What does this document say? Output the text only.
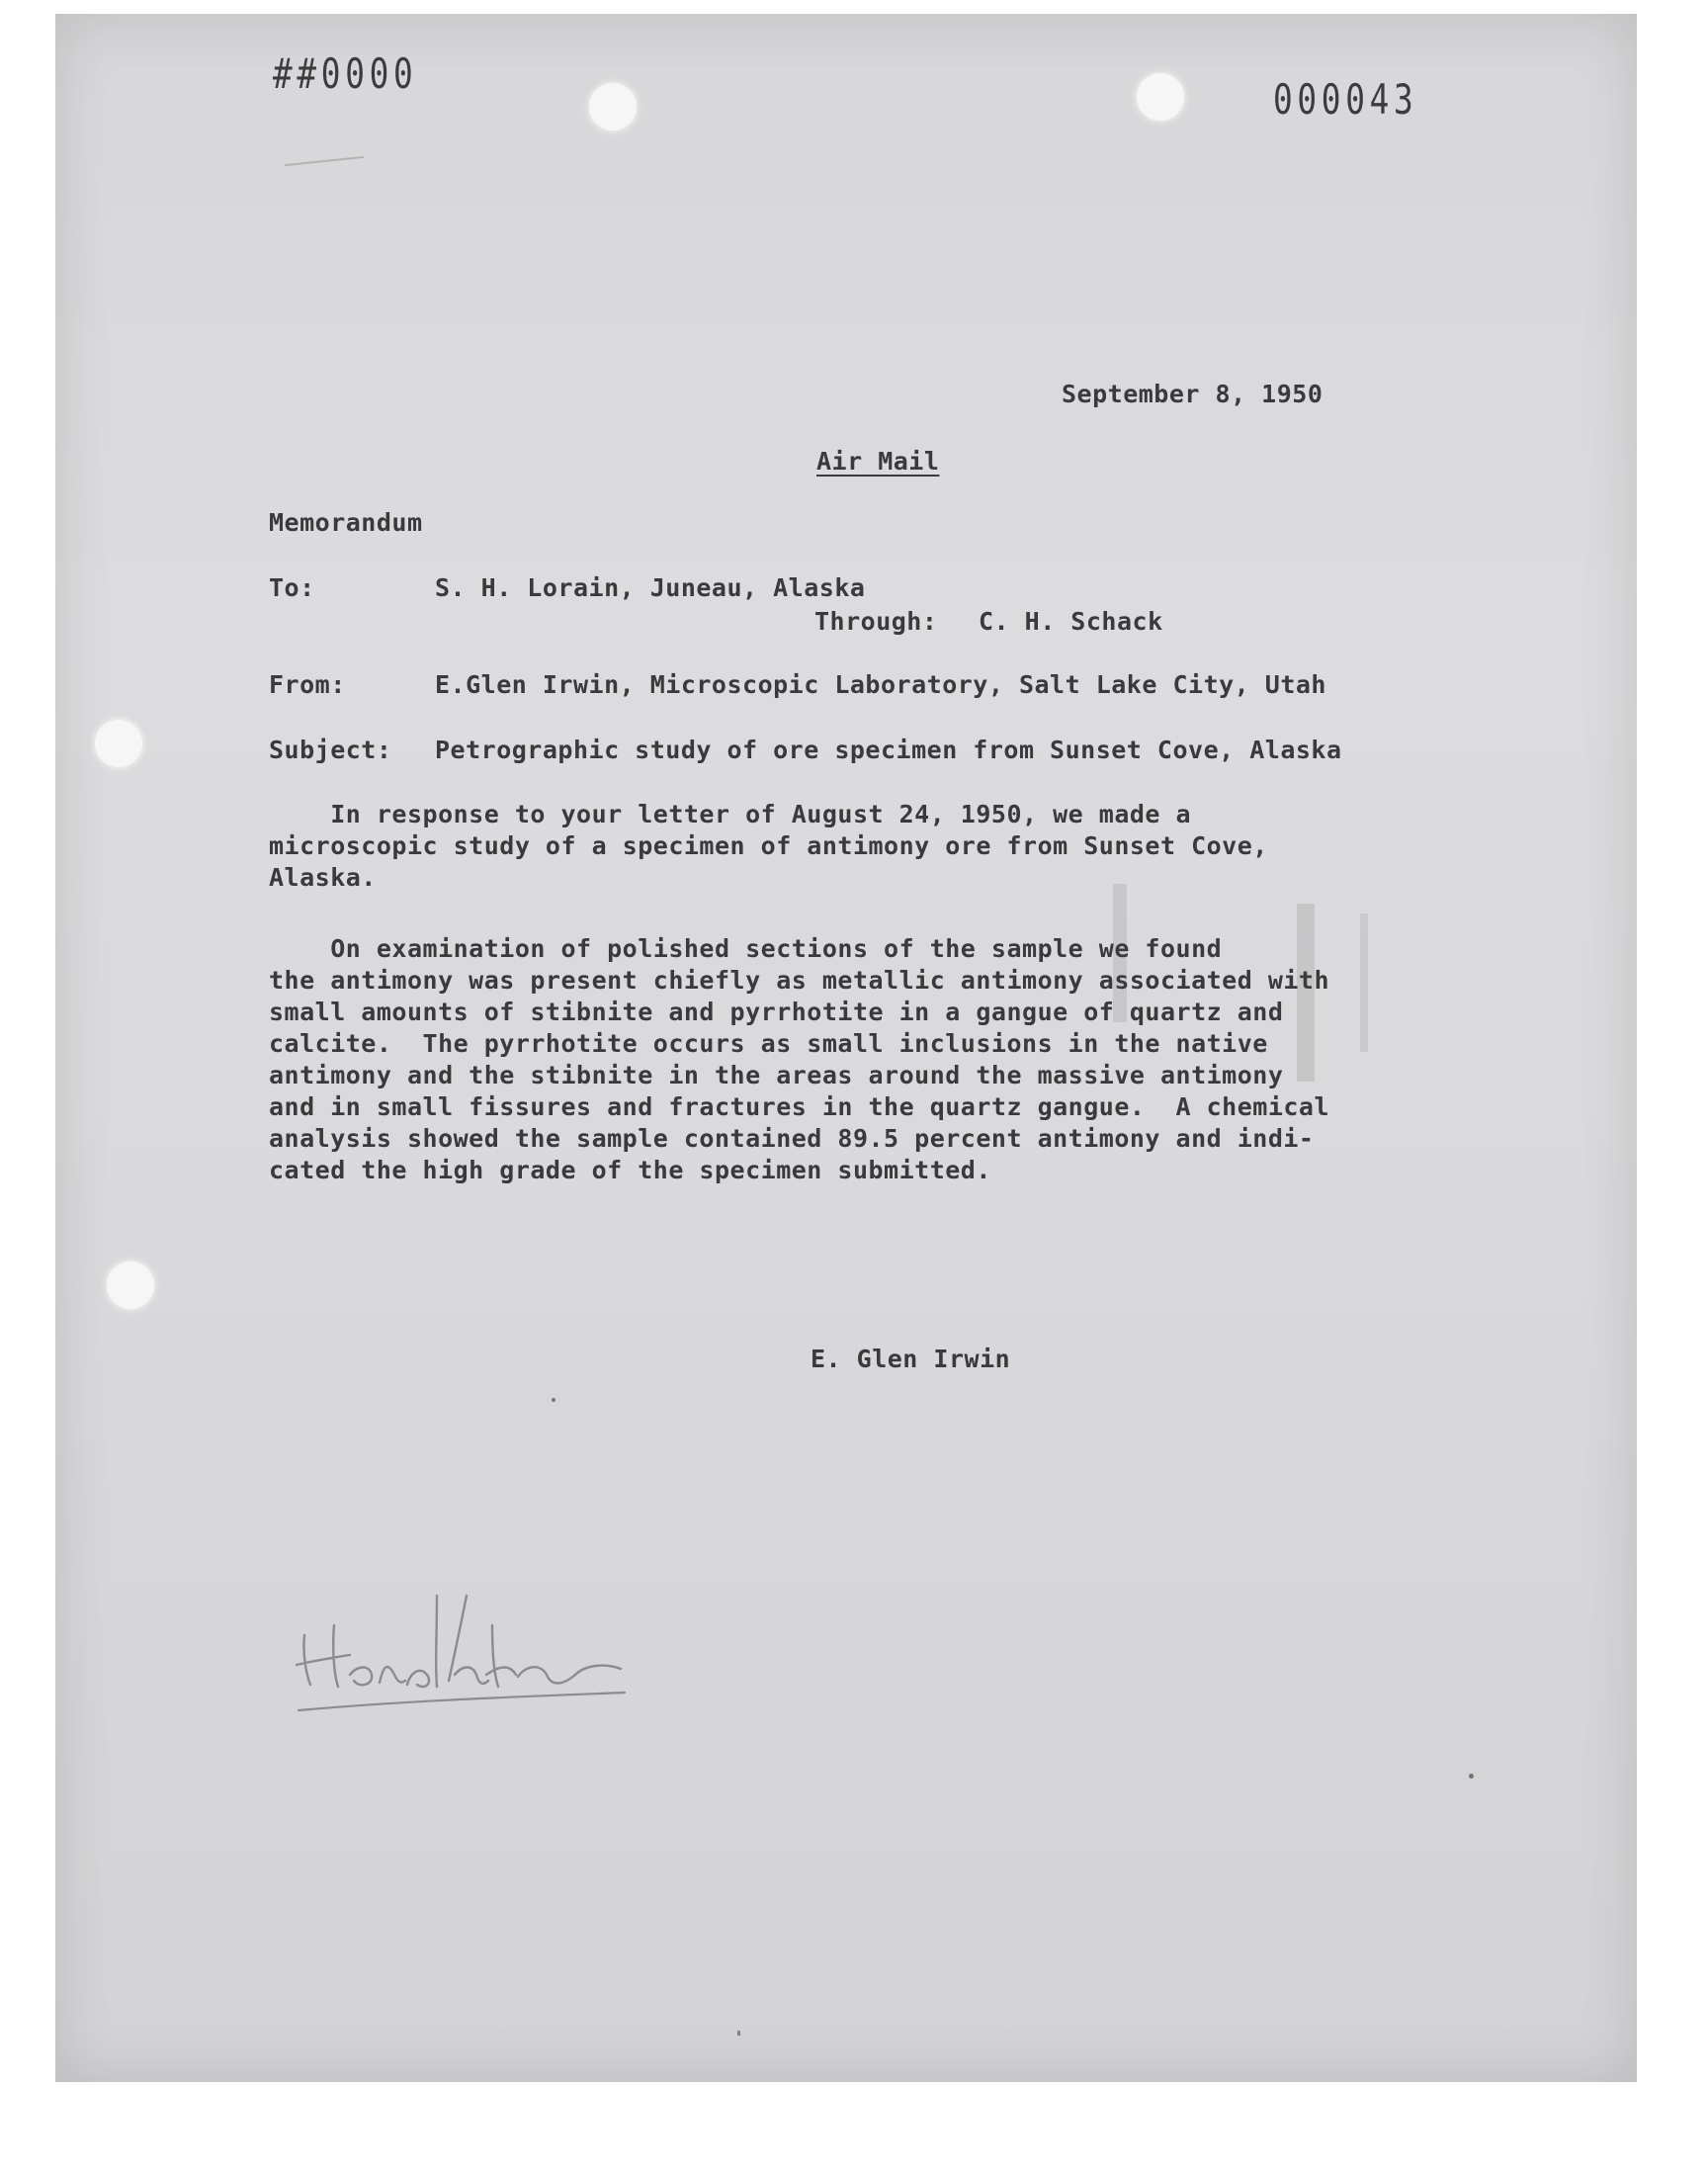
##0000
000043
September 8, 1950
Air Mail
Memorandum
To:	S. H. Lorain, Juneau, Alaska
Through: C. H. Schack
From:	E.Glen Irwin, Microscopic Laboratory, Salt Lake City, Utah
Subject: Petrographic study of ore specimen from Sunset Cove, Alaska
In response to your letter of August 24, 1950, we made a
microscopic study of a specimen of antimony ore from Sunset Cove,
Alaska.
On examination of polished sections of the sample we found
the antimony was present chiefly as metallic antimony associated with
small amounts of stibnite and pyrrhotite in a gangue of quartz and
calcite.  The pyrrhotite occurs as small inclusions in the native
antimony and the stibnite in the areas around the massive antimony
and in small fissures and fractures in the quartz gangue.  A chemical
analysis showed the sample contained 89.5 percent antimony and indi-
cated the high grade of the specimen submitted.
E. Glen Irwin
